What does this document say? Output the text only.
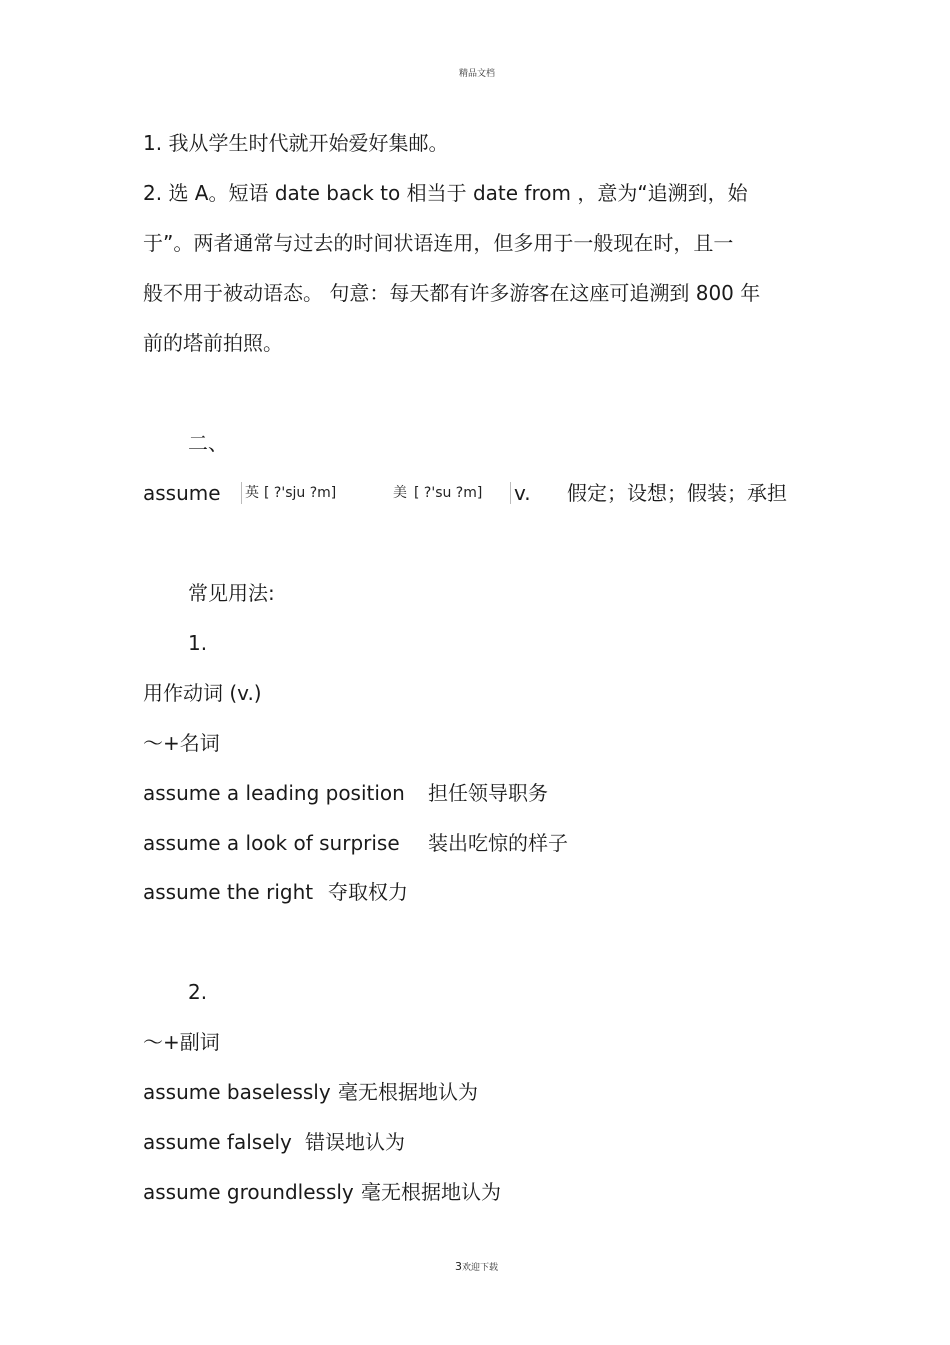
精品文档
1. 我从学生时代就开始爱好集邮。
2. 选 A。短语 date back to 相当于 date from ，意为“追溯到，始
于”。两者通常与过去的时间状语连用，但多用于一般现在时，且一
般不用于被动语态。 句意：每天都有许多游客在这座可追溯到 800 年
前的塔前拍照。
二、
assume 英 [ ?'sju ?m]	美 [ ?'su ?m] v. 假定；设想；假装；承担
常见用法:
1.
用作动词 (v.)
～+名词
assume a leading position 担任领导职务
assume a look of surprise 装出吃惊的样子
assume the right 夺取权力
2.
～+副词
assume baselessly 毫无根据地认为
assume falsely 错误地认为
assume groundlessly 毫无根据地认为
3欢迎下载
